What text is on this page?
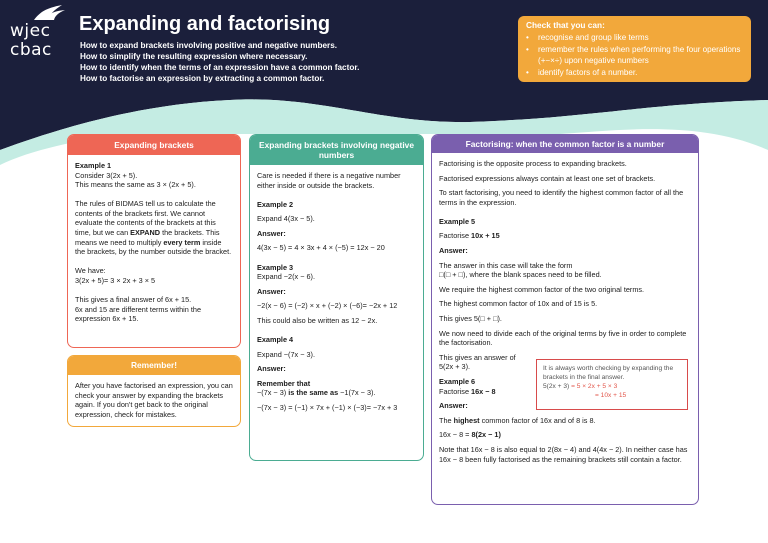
wjec
cbac
Expanding and factorising
How to expand brackets involving positive and negative numbers.
How to simplify the resulting expression where necessary.
How to identify when the terms of an expression have a common factor.
How to factorise an expression by extracting a common factor.
Check that you can:
• recognise and group like terms
• remember the rules when performing the four operations (+−×÷) upon negative numbers
• identify factors of a number.
Expanding brackets

Example 1

Consider 3(2x + 5).

This means the same as 3 × (2x + 5).

The rules of BIDMAS tell us to calculate the contents of the brackets first. We cannot evaluate the contents of the brackets at this time, but we can EXPAND the brackets. This means we need to multiply every term inside the brackets, by the number outside the bracket.

We have:

3(2x + 5)= 3 × 2x + 3 × 5

This gives a final answer of 6x + 15.

6x and 15 are different terms within the expression 6x + 15.

Remember!

After you have factorised an expression, you can check your answer by expanding the brackets again. If you don't get back to the original expression, check for mistakes.

Expanding brackets involving negative numbers

Care is needed if there is a negative number either inside or outside the brackets.

Example 2

Expand 4(3x − 5).

Answer:

4(3x − 5) = 4 × 3x + 4 × (−5) = 12x − 20

Example 3

Expand −2(x − 6).

Answer:

−2(x − 6) = (−2) × x + (−2) × (−6)= −2x + 12

This could also be written as 12 − 2x.

Example 4

Expand −(7x − 3).

Answer:

Remember that

−(7x − 3) is the same as −1(7x − 3).

−(7x − 3) = (−1) × 7x + (−1) × (−3)= −7x + 3

Factorising: when the common factor is a number

Factorising is the opposite process to expanding brackets.

Factorised expressions always contain at least one set of brackets.

To start factorising, you need to identify the highest common factor of all the terms in the expression.

Example 5

Factorise 10x + 15

Answer:

The answer in this case will take the form

□(□ + □), where the blank spaces need to be filled.

We require the highest common factor of the two original terms.

The highest common factor of 10x and of 15 is 5.

This gives 5(□ + □).

We now need to divide each of the original terms by five in order to complete the factorisation.

This gives an answer of 5(2x + 3).

Example 6

Factorise 16x − 8

Answer:

The highest common factor of 16x and of 8 is 8.

16x − 8 = 8(2x − 1)

Note that 16x − 8 is also equal to 2(8x − 4) and 4(4x − 2). In neither case has 16x − 8 been fully factorised as the remaining brackets still contain a factor.

It is always worth checking by expanding the brackets in the final answer.
5(2x + 3) = 5 × 2x + 5 × 3
= 10x + 15
